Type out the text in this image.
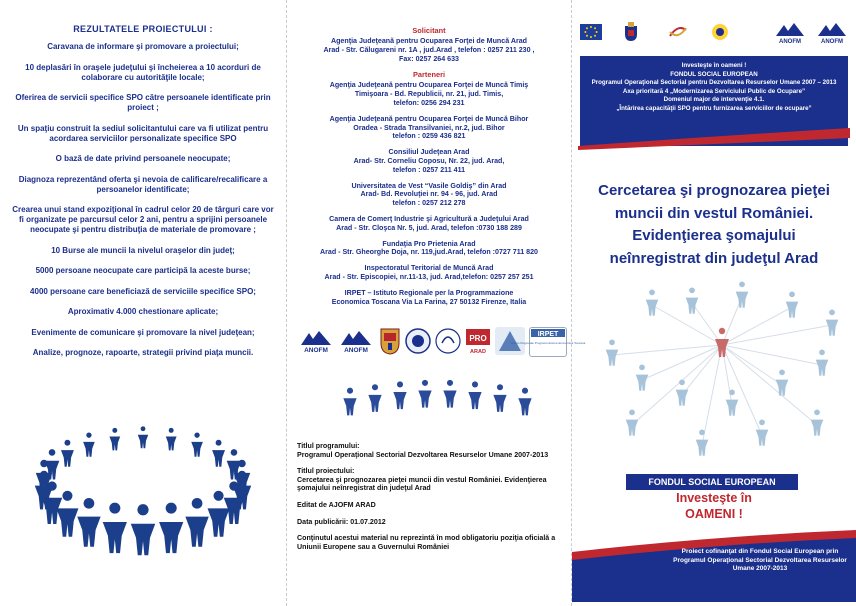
REZULTATELE PROIECTULUI :
Caravana de informare şi promovare a proiectului;
10 deplasări în oraşele judeţului şi încheierea a 10 acorduri de colaborare cu autorităţile locale;
Oferirea de servicii specifice SPO către persoanele identificate prin proiect ;
Un spaţiu construit la sediul solicitantului care va fi utilizat pentru acordarea serviciilor personalizate specifice SPO
O bază de date privind persoanele neocupate;
Diagnoza reprezentând oferta şi nevoia de calificare/recalificare a persoanelor identificate;
Crearea unui stand expoziţional în cadrul celor 20 de târguri care vor fi organizate pe parcursul celor 2 ani, pentru a sprijini persoanele neocupate şi pentru distribuţia de materiale de promovare ;
10 Burse ale muncii la nivelul oraşelor din judeţ;
5000 persoane neocupate care participă la aceste burse;
4000 persoane care beneficiază de serviciile specifice SPO;
Aproximativ 4.000 chestionare aplicate;
Evenimente de comunicare şi promovare la nivel judeţean;
Analize, prognoze, rapoarte, strategii privind piaţa muncii.
Solicitant
Agenţia Judeţeană pentru Ocuparea Forţei de Muncă Arad
Arad - Str. Călugareni nr. 1A , jud.Arad , telefon : 0257 211 230 ,
Fax: 0257 264 633
Parteneri
Agenţia Judeţeană pentru Ocuparea Forţei de Muncă Timiş
Timişoara - Bd. Republicii, nr. 21, jud. Timis,
telefon: 0256 294 231
Agenţia Judeţeană pentru Ocuparea Forţei de Muncă Bihor
Oradea - Strada Transilvaniei, nr.2, jud. Bihor
telefon : 0259 436 821
Consiliul Judeţean Arad
Arad- Str. Corneliu Coposu, Nr. 22, jud. Arad,
telefon : 0257 211 411
Universitatea de Vest “Vasile Goldiş” din Arad
Arad- Bd. Revoluţiei nr. 94 - 96, jud. Arad
telefon : 0257 212 278
Camera de Comerţ Industrie şi Agricultură a Judeţului Arad
Arad - Str. Cloşca Nr. 5, jud. Arad, telefon :0730 188 289
Fundaţia Pro Prietenia Arad
Arad - Str. Gheorghe Doja, nr. 119,jud.Arad, telefon :0727 711 820
Inspectoratul Teritorial de Muncă Arad
Arad - Str. Episcopiei, nr.11-13, jud. Arad,telefon: 0257 257 251
IRPET – Istituto Regionale per la Programmazione
Economica Toscana Via La Farina, 27 50132 Firenze, Italia
ANOFM ANOFM
PRO
ARAD
IRPET
Istituto Regionale Programmazione Economica Toscana
Titlul programului:
Programul Operaţional Sectorial Dezvoltarea Resurselor Umane 2007-2013
Titlul proiectului:
Cercetarea şi prognozarea pieţei muncii din vestul României. Evidenţierea şomajului neînregistrat din judeţul Arad
Editat de AJOFM ARAD
Data publicării: 01.07.2012
Conţinutul acestui material nu reprezintă în mod obligatoriu poziţia oficială a Uniunii Europene sau a Guvernului României
ANOFM	ANOFM
Investeşte în oameni !
FONDUL SOCIAL EUROPEAN
Programul Operaţional Sectorial pentru Dezvoltarea Resurselor Umane 2007 – 2013
Axa prioritară 4 „Modernizarea Serviciului Public de Ocupare”
Domeniul major de intervenţie 4.1.
„Întărirea capacităţii SPO pentru furnizarea serviciilor de ocupare”
Cercetarea şi prognozarea pieţei
muncii din vestul României.
Evidenţierea şomajului
neînregistrat din judeţul Arad
FONDUL SOCIAL EUROPEAN
Investeşte în
OAMENI !
Proiect cofinanţat din Fondul Social European prin Programul Operaţional Sectorial Dezvoltarea Resurselor Umane 2007-2013
